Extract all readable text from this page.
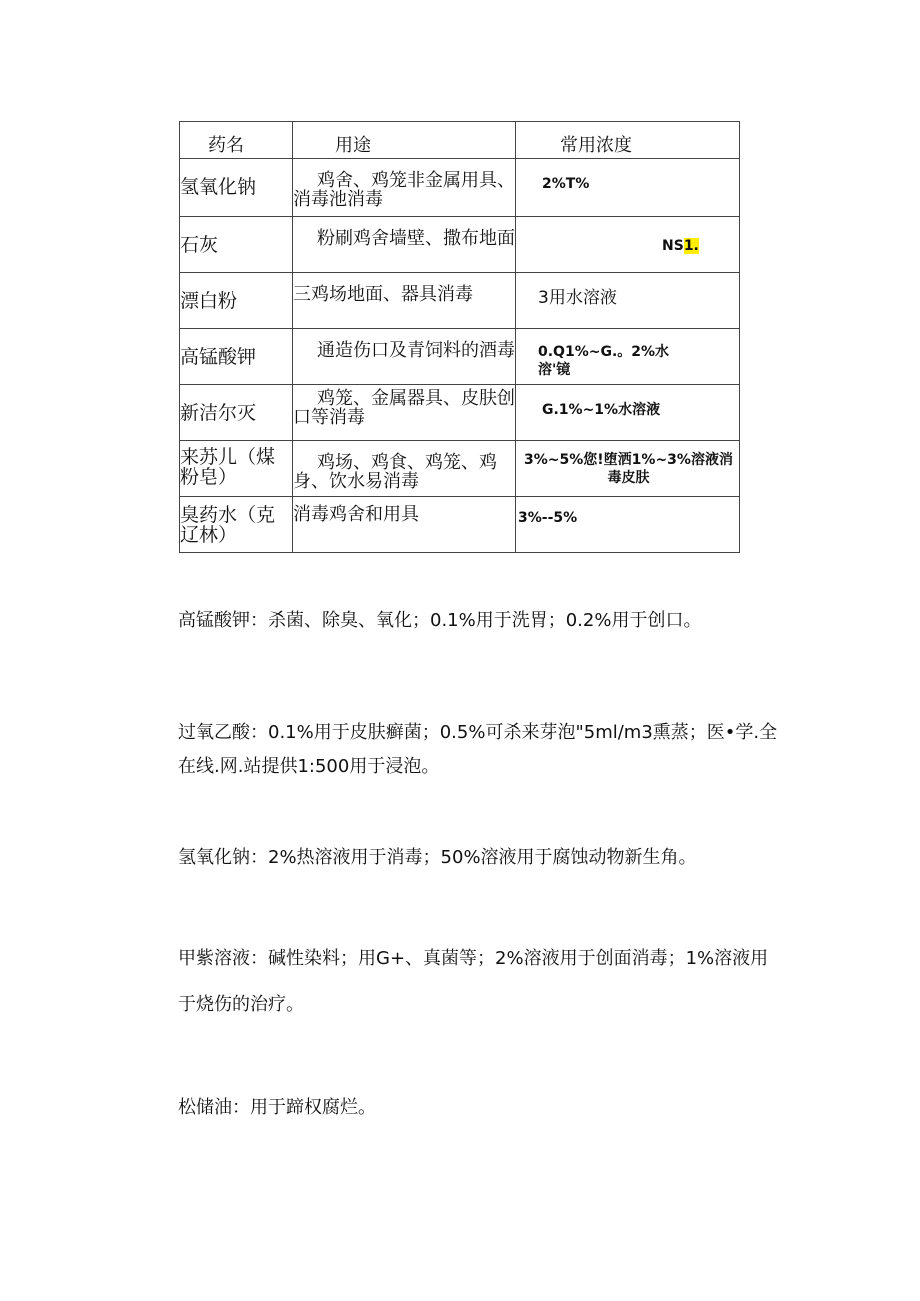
药名	用途	常用浓度

氢氧化钠	鸡舍、鸡笼非金属用具、消毒池消毒	2%T%

石灰	粉刷鸡舍墙壁、撒布地面	NS1.

漂白粉	三鸡场地面、器具消毒	3用水溶液

高锰酸钾	通造伤口及青饲料的酒毒	0.Q1%~G.。2%水溶'镜

新洁尔灭	鸡笼、金属器具、皮肤创口等消毒	G.1%~1%水溶液

来苏儿（煤粉皂）	鸡场、鸡食、鸡笼、鸡身、饮水易消毒	3%~5%您!堕洒1%~3%溶液消毒皮肤

臭药水（克辽林）	消毒鸡舍和用具	3%--5%

高锰酸钾：杀菌、除臭、氧化；0.1%用于洗胃；0.2%用于创口。

过氧乙酸：0.1%用于皮肤癣菌；0.5%可杀来芽泡"5ml∕m3熏蒸；医•学.全在线.网.站提供1:500用于浸泡。

氢氧化钠：2%热溶液用于消毒；50%溶液用于腐蚀动物新生角。

甲紫溶液：碱性染料；用G+、真菌等；2%溶液用于创面消毒；1%溶液用于烧伤的治疗。

松储油：用于蹄权腐烂。
